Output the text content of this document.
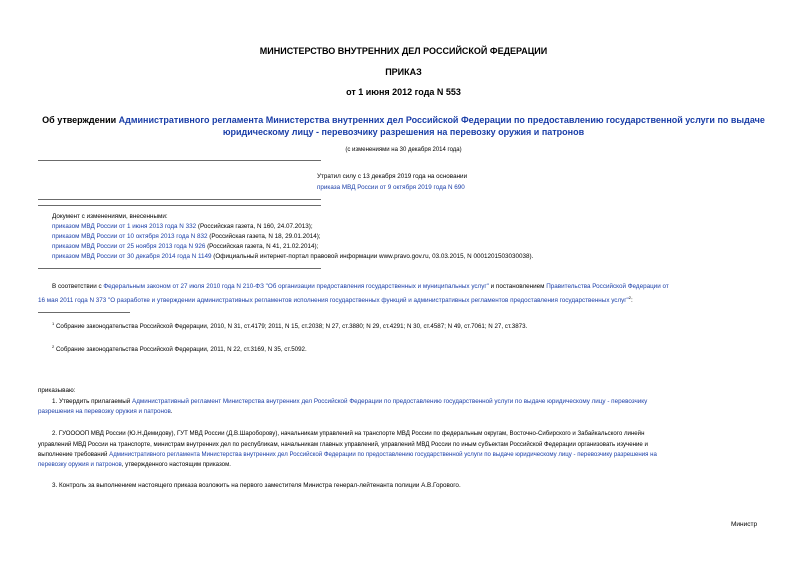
МИНИСТЕРСТВО ВНУТРЕННИХ ДЕЛ РОССИЙСКОЙ ФЕДЕРАЦИИ
ПРИКАЗ
от 1 июня 2012 года N 553
Об утверждении Административного регламента Министерства внутренних дел Российской Федерации по предоставлению государственной услуги по выдаче
юридическому лицу - перевозчику разрешения на перевозку оружия и патронов
(с изменениями на 30 декабря 2014 года)
Утратил силу с 13 декабря 2019 года на основании
приказа МВД России от 9 октября 2019 года N 690
Документ с изменениями, внесенными:
приказом МВД России от 1 июня 2013 года N 332 (Российская газета, N 160, 24.07.2013);
приказом МВД России от 10 октября 2013 года N 832 (Российская газета, N 18, 29.01.2014);
приказом МВД России от 25 ноября 2013 года N 926 (Российская газета, N 41, 21.02.2014);
приказом МВД России от 30 декабря 2014 года N 1149 (Официальный интернет-портал правовой информации www.pravo.gov.ru, 03.03.2015, N 0001201503030038).
В соответствии с Федеральным законом от 27 июля 2010 года N 210-ФЗ "Об организации предоставления государственных и муниципальных услуг" и постановлением Правительства Российской Федерации от
16 мая 2011 года N 373 "О разработке и утверждении административных регламентов исполнения государственных функций и административных регламентов предоставления государственных услуг"$^2$:
$^1$ Собрание законодательства Российской Федерации, 2010, N 31, ст.4179; 2011, N 15, ст.2038; N 27, ст.3880; N 29, ст.4291; N 30, ст.4587; N 49, ст.7061; N 27, ст.3873.
$^2$ Собрание законодательства Российской Федерации, 2011, N 22, ст.3169, N 35, ст.5092.
приказываю:
1. Утвердить прилагаемый Административный регламент Министерства внутренних дел Российской Федерации по предоставлению государственной услуги по выдаче юридическому лицу - перевозчику
разрешения на перевозку оружия и патронов.
2. ГУООООП МВД России (Ю.Н.Демидову), ГУТ МВД России (Д.В.Шароборову), начальникам управлений на транспорте МВД России по федеральным округам, Восточно-Сибирского и Забайкальского линейн
управлений МВД России на транспорте, министрам внутренних дел по республикам, начальникам главных управлений, управлений МВД России по иным субъектам Российской Федерации организовать изучение и
выполнение требований Административного регламента Министерства внутренних дел Российской Федерации по предоставлению государственной услуги по выдаче юридическому лицу - перевозчику разрешения на
перевозку оружия и патронов, утвержденного настоящим приказом.
3. Контроль за выполнением настоящего приказа возложить на первого заместителя Министра генерал-лейтенанта полиции А.В.Горового.
Министр
